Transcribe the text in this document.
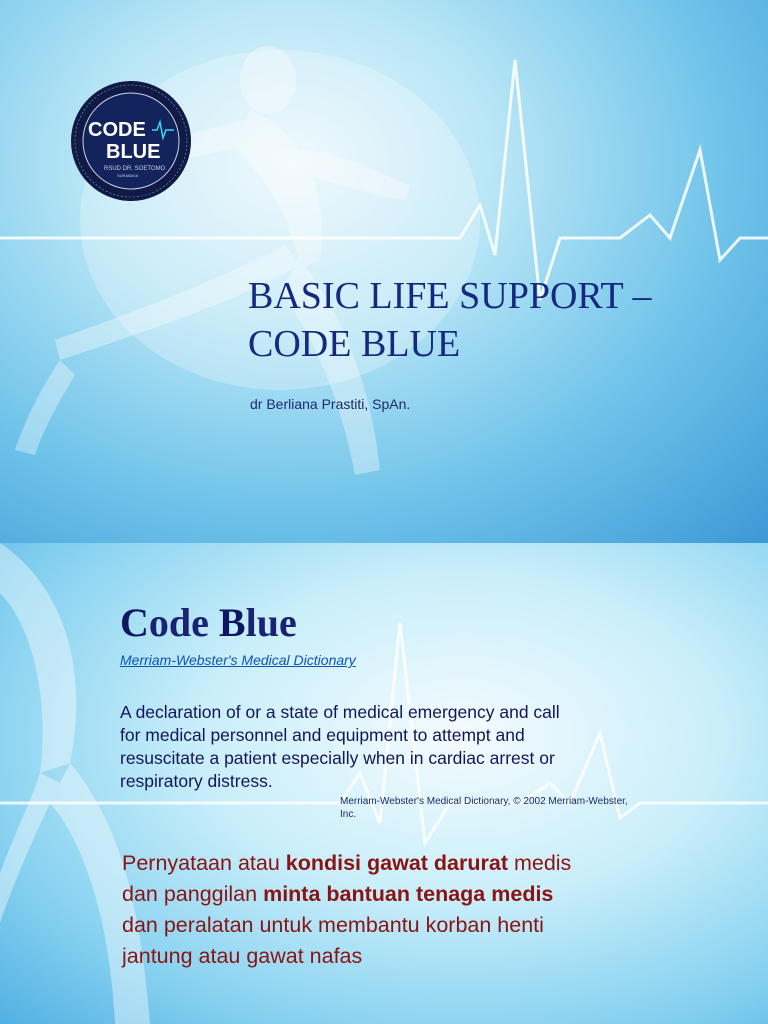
CODE
BLUE
RSUD DR. SOETOMO
SURABAYA
BASIC LIFE SUPPORT –
CODE BLUE
dr Berliana Prastiti, SpAn.
Code Blue
Merriam-Webster's Medical Dictionary
A declaration of or a state of medical emergency and call
for medical personnel and equipment to attempt and
resuscitate a patient especially when in cardiac arrest or
respiratory distress.
Merriam-Webster's Medical Dictionary, © 2002 Merriam-Webster, Inc.
Pernyataan atau kondisi gawat darurat medis
dan panggilan minta bantuan tenaga medis
dan peralatan untuk membantu korban henti
jantung atau gawat nafas
